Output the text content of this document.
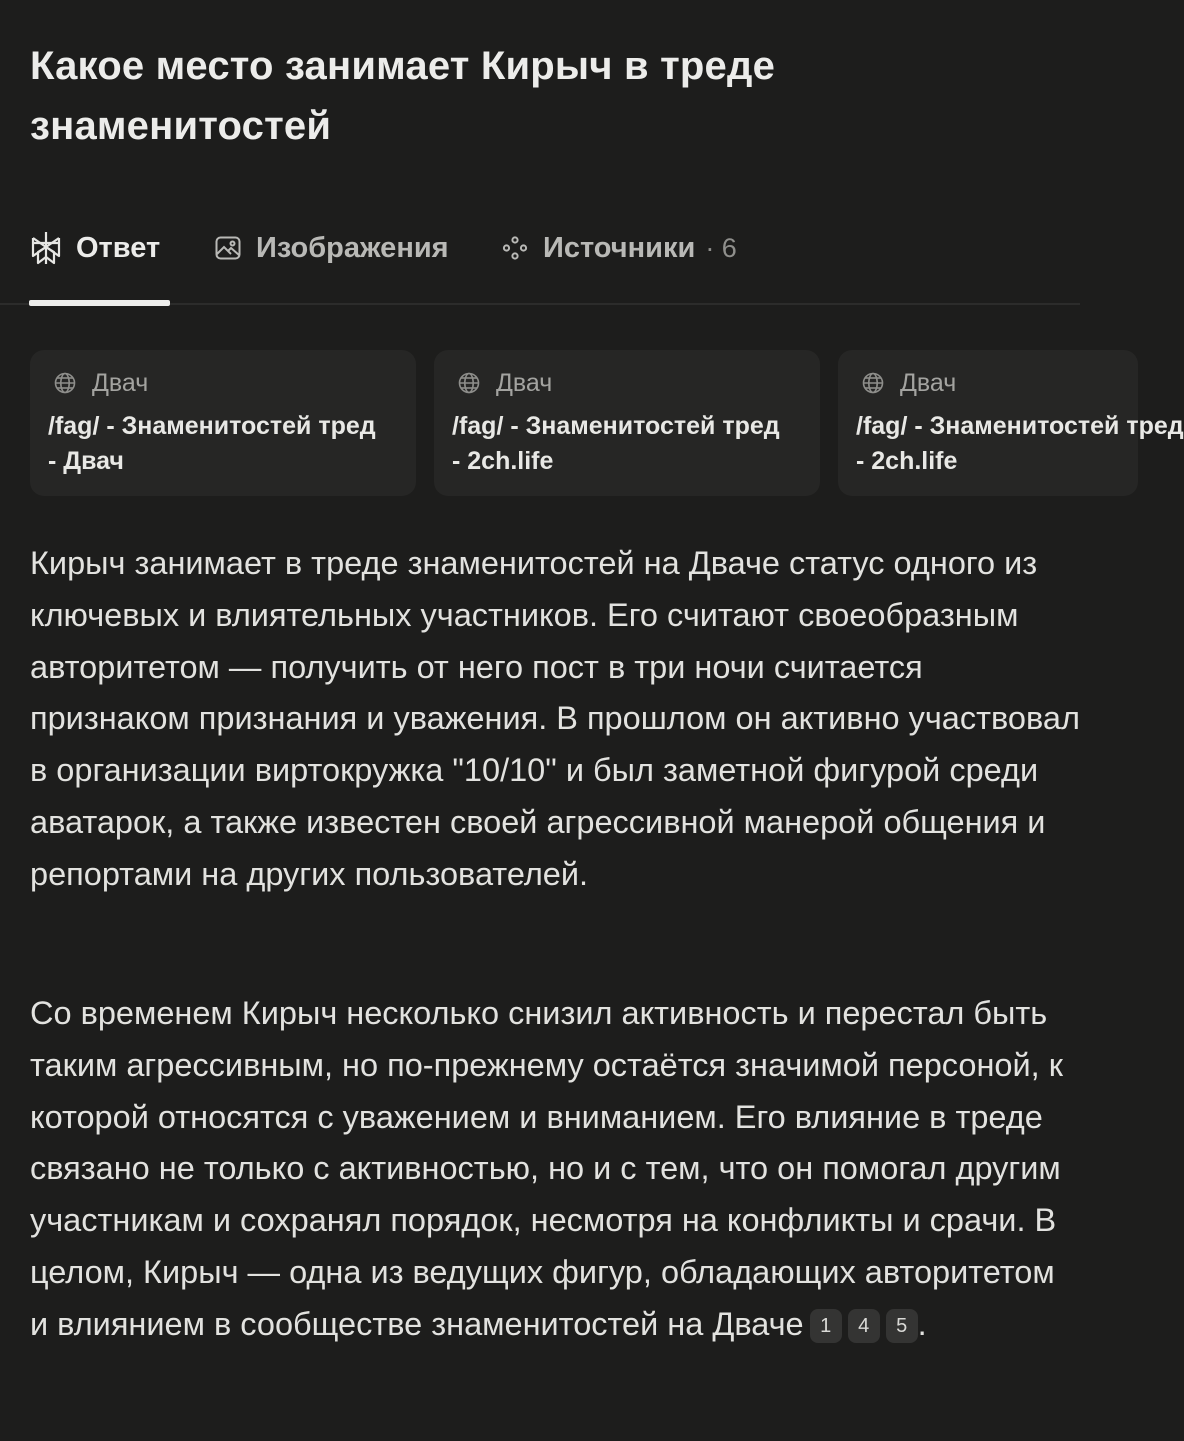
Какое место занимает Кирыч в треде знаменитостей
Ответ	Изображения	Источники · 6
Двач
/fag/ - Знаменитостей тред
- Двач
Двач
/fag/ - Знаменитостей тред
- 2ch.life
Двач
/fag/ - Знаменитостей тред
- 2ch.life
Кирыч занимает в треде знаменитостей на Дваче статус одного из ключевых и влиятельных участников. Его считают своеобразным авторитетом — получить от него пост в три ночи считается признаком признания и уважения. В прошлом он активно участвовал в организации виртокружка "10/10" и был заметной фигурой среди аватарок, а также известен своей агрессивной манерой общения и репортами на других пользователей.
Со временем Кирыч несколько снизил активность и перестал быть таким агрессивным, но по-прежнему остаётся значимой персоной, к которой относятся с уважением и вниманием. Его влияние в треде связано не только с активностью, но и с тем, что он помогал другим участникам и сохранял порядок, несмотря на конфликты и срачи. В целом, Кирыч — одна из ведущих фигур, обладающих авторитетом и влиянием в сообществе знаменитостей на Дваче 1 4 5 .
